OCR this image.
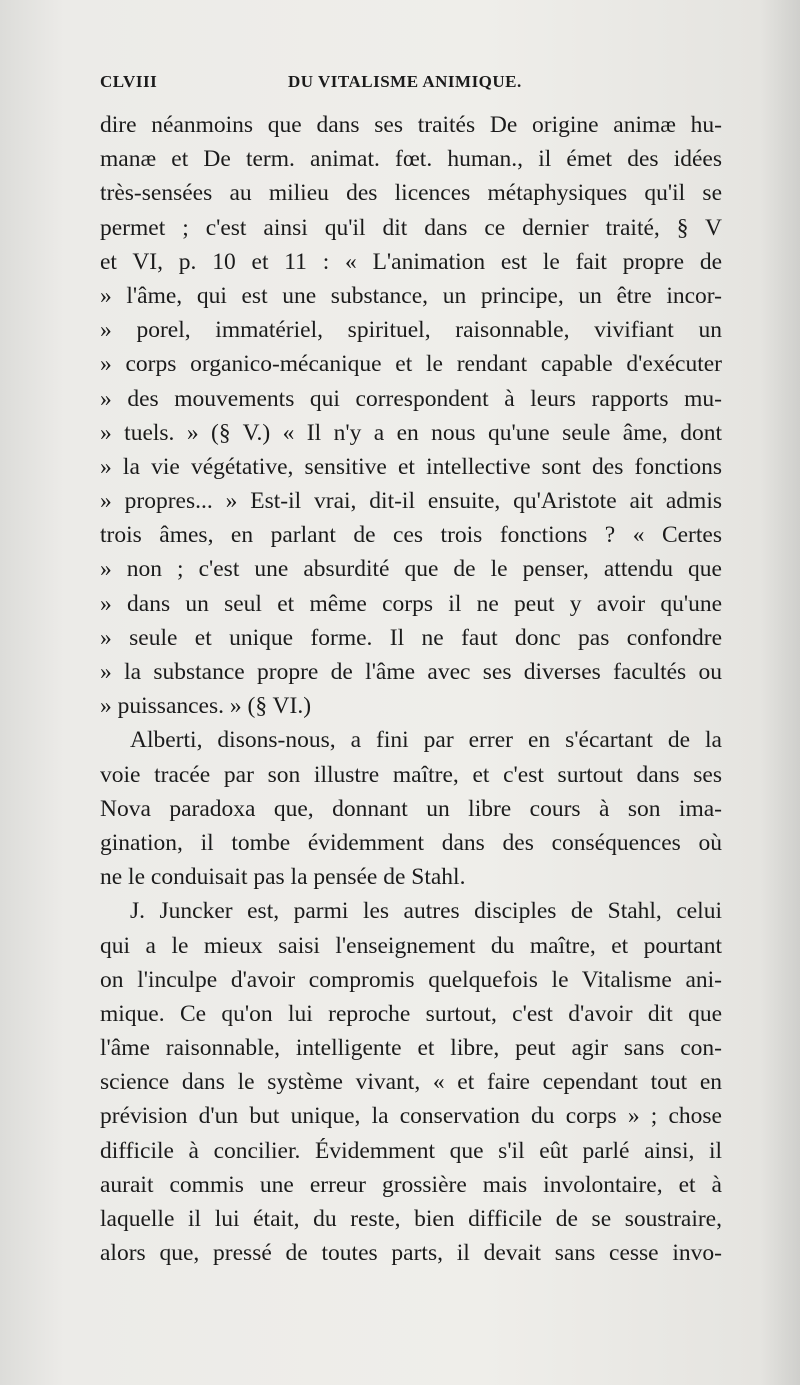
CLVIII	DU VITALISME ANIMIQUE.
dire néanmoins que dans ses traités De origine animæ hu-
manæ et De term. animat. fœt. human., il émet des idées
très-sensées au milieu des licences métaphysiques qu'il se
permet ; c'est ainsi qu'il dit dans ce dernier traité, § V
et VI, p. 10 et 11 : « L'animation est le fait propre de
» l'âme, qui est une substance, un principe, un être incor-
» porel, immatériel, spirituel, raisonnable, vivifiant un
» corps organico-mécanique et le rendant capable d'exécuter
» des mouvements qui correspondent à leurs rapports mu-
» tuels. » (§ V.) « Il n'y a en nous qu'une seule âme, dont
» la vie végétative, sensitive et intellective sont des fonctions
» propres... » Est-il vrai, dit-il ensuite, qu'Aristote ait admis
trois âmes, en parlant de ces trois fonctions ? « Certes
» non ; c'est une absurdité que de le penser, attendu que
» dans un seul et même corps il ne peut y avoir qu'une
» seule et unique forme. Il ne faut donc pas confondre
» la substance propre de l'âme avec ses diverses facultés ou
» puissances. » (§ VI.)
Alberti, disons-nous, a fini par errer en s'écartant de la
voie tracée par son illustre maître, et c'est surtout dans ses
Nova paradoxa que, donnant un libre cours à son ima-
gination, il tombe évidemment dans des conséquences où
ne le conduisait pas la pensée de Stahl.
J. Juncker est, parmi les autres disciples de Stahl, celui
qui a le mieux saisi l'enseignement du maître, et pourtant
on l'inculpe d'avoir compromis quelquefois le Vitalisme ani-
mique. Ce qu'on lui reproche surtout, c'est d'avoir dit que
l'âme raisonnable, intelligente et libre, peut agir sans con-
science dans le système vivant, « et faire cependant tout en
prévision d'un but unique, la conservation du corps » ; chose
difficile à concilier. Évidemment que s'il eût parlé ainsi, il
aurait commis une erreur grossière mais involontaire, et à
laquelle il lui était, du reste, bien difficile de se soustraire,
alors que, pressé de toutes parts, il devait sans cesse invo-
